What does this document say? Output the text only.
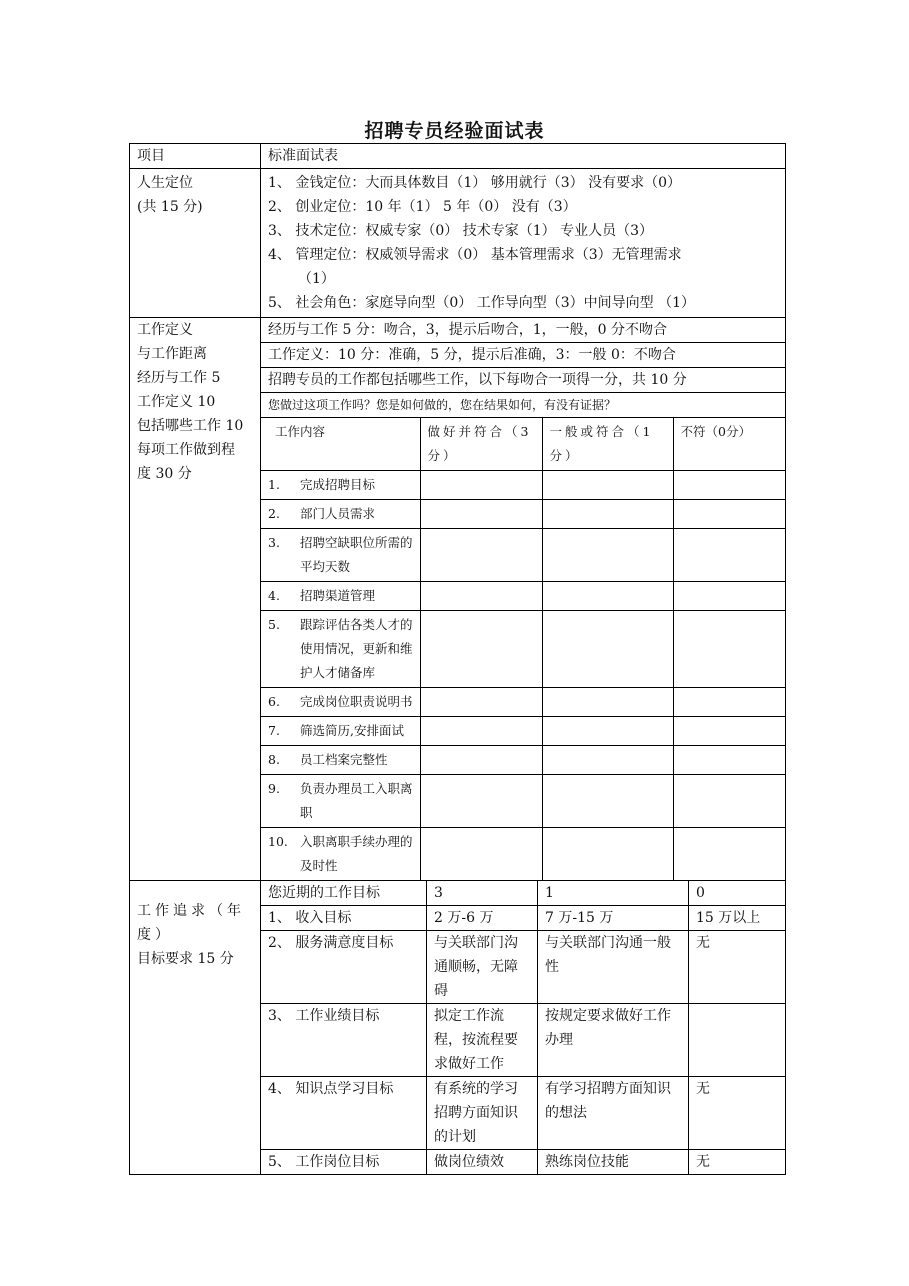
招聘专员经验面试表
项目	标准面试表

人生定位
(共 15 分)

1、 金钱定位：大而具体数目（1） 够用就行（3） 没有要求（0）
2、 创业定位：10 年（1） 5 年（0） 没有（3）
3、 技术定位：权威专家（0） 技术专家（1） 专业人员（3）
4、 管理定位：权威领导需求（0） 基本管理需求（3）无管理需求
（1）
5、 社会角色：家庭导向型（0） 工作导向型（3）中间导向型 （1）

工作定义
与工作距离
经历与工作 5
工作定义 10
包括哪些工作 10
每项工作做到程
度 30 分
	经历与工作 5 分：吻合，3，提示后吻合，1，一般，0 分不吻合
工作定义：10 分：准确，5 分，提示后准确，3：一般 0：不吻合
招聘专员的工作都包括哪些工作，以下每吻合一项得一分，共 10 分
您做过这项工作吗？您是如何做的，您在结果如何，有没有证据？

工作内容	做好并符合（3 分）	一般或符合（1 分）	不符（0分）

1.	完成招聘目标

2.	部门人员需求

3.	招聘空缺职位所需的平均天数

4.	招聘渠道管理

5.	跟踪评估各类人才的使用情况，更新和维护人才储备库

6.	完成岗位职责说明书

7.	筛选简历,安排面试

8.	员工档案完整性

9.	负责办理员工入职离职

10. 入职离职手续办理的及时性

工作追求（年度）
目标要求 15 分
	您近期的工作目标	3	1	0
1、 收入目标	2 万-6 万	7 万-15 万	15 万以上
2、 服务满意度目标	与关联部门沟通顺畅，无障碍	与关联部门沟通一般性	无
3、 工作业绩目标	拟定工作流程，按流程要求做好工作	按规定要求做好工作办理	
4、 知识点学习目标	有系统的学习招聘方面知识的计划	有学习招聘方面知识的想法	无
5、 工作岗位目标	做岗位绩效	熟练岗位技能	无
